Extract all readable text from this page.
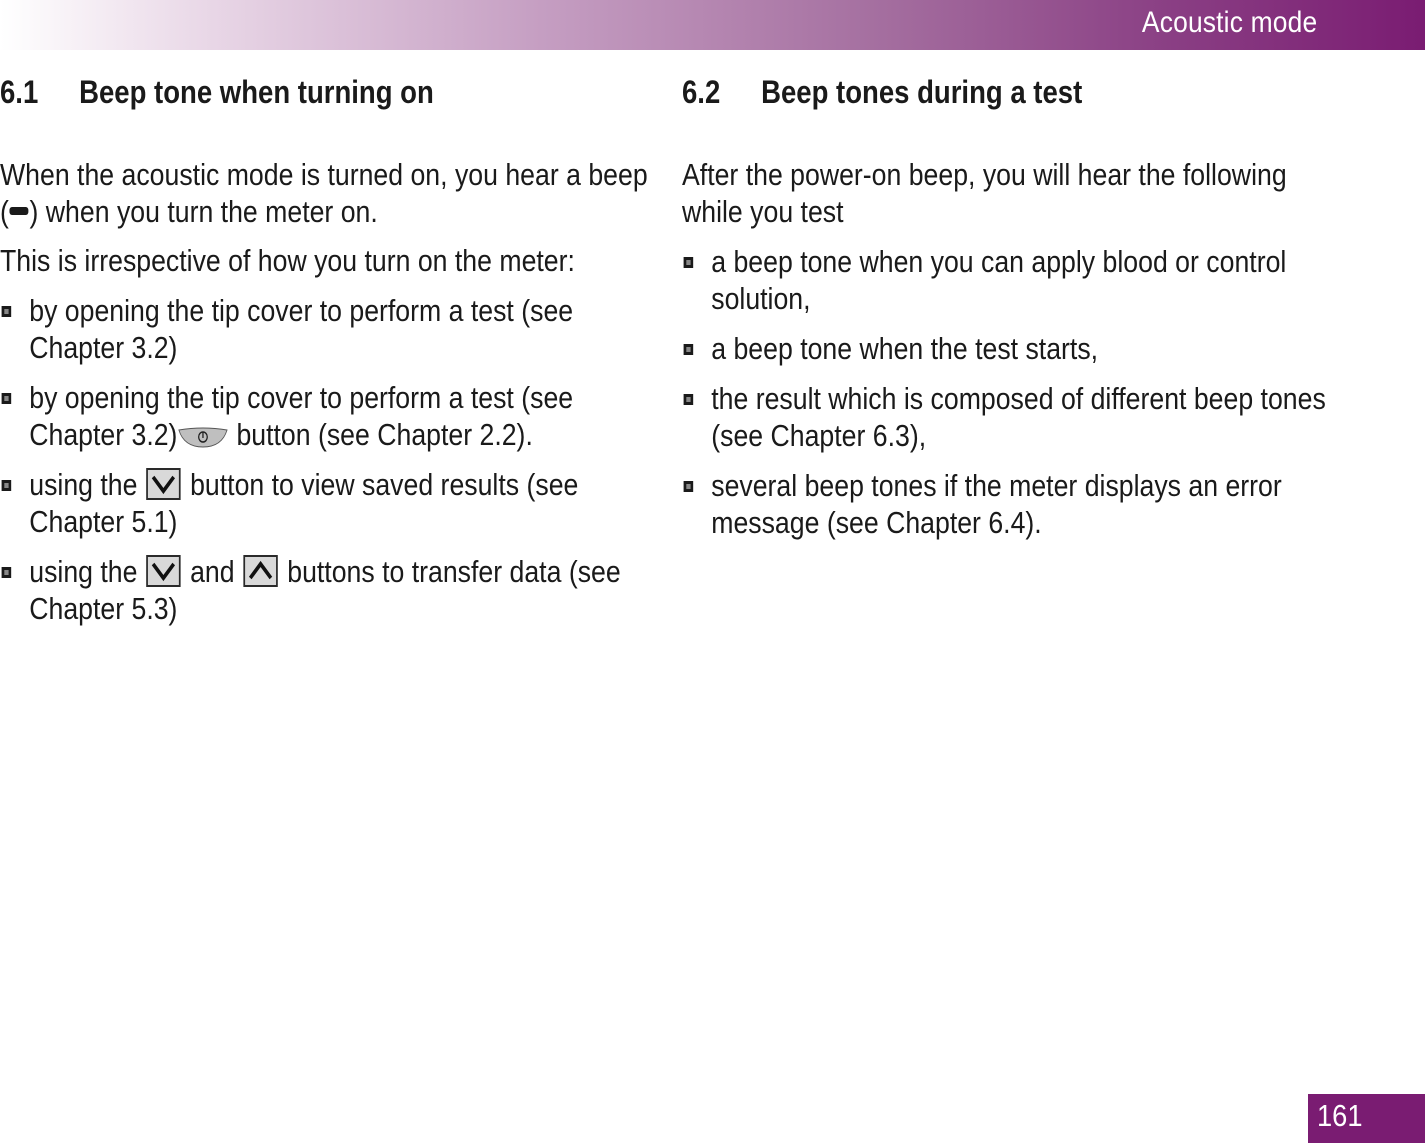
Acoustic mode
6.1 Beep tone when turning on

When the acoustic mode is turned on, you hear a beep
( ) when you turn the meter on.

This is irrespective of how you turn on the meter:

by opening the tip cover to perform a test (see
Chapter 3.2)
by opening the tip cover to perform a test (see
Chapter 3.2) button (see Chapter 2.2).
using the
button to view saved results (see
Chapter 5.1)
using the
and
buttons to transfer data (see
Chapter 5.3)
6.2 Beep tones during a test

After the power-on beep, you will hear the following
while you test

a beep tone when you can apply blood or control
solution,
a beep tone when the test starts,
the result which is composed of different beep tones
(see Chapter 6.3),
several beep tones if the meter displays an error
message (see Chapter 6.4).
161
